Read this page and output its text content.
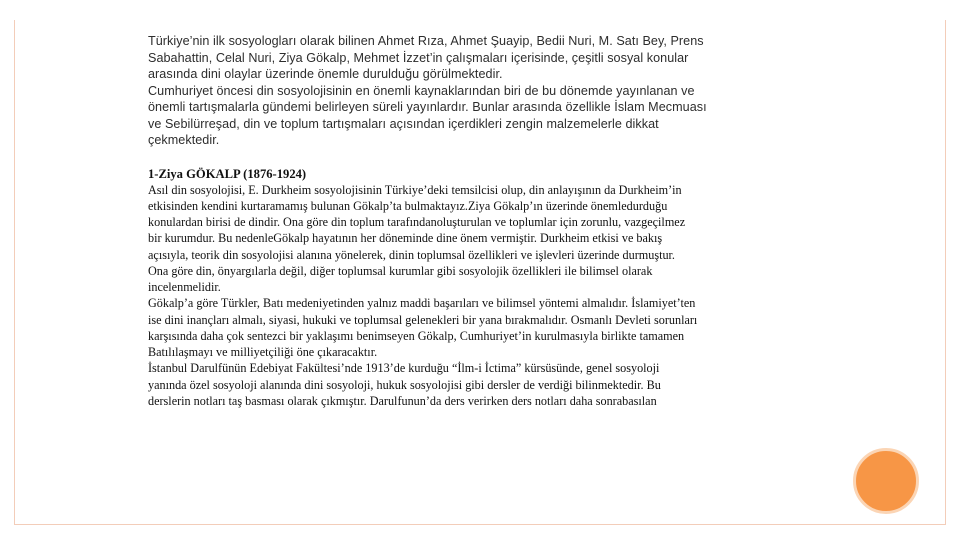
Türkiye’nin ilk sosyologları olarak bilinen Ahmet Rıza, Ahmet Şuayip, Bedii Nuri, M. Satı Bey, Prens
Sabahattin, Celal Nuri, Ziya Gökalp, Mehmet İzzet’in çalışmaları içerisinde, çeşitli sosyal konular
arasında dini olaylar üzerinde önemle durulduğu görülmektedir.
Cumhuriyet öncesi din sosyolojisinin en önemli kaynaklarından biri de bu dönemde yayınlanan ve
önemli tartışmalarla gündemi belirleyen süreli yayınlardır. Bunlar arasında özellikle İslam Mecmuası
ve Sebilürreşad, din ve toplum tartışmaları açısından içerdikleri zengin malzemelerle dikkat
çekmektedir.

1-Ziya GÖKALP (1876-1924)

Asıl din sosyolojisi, E. Durkheim sosyolojisinin Türkiye’deki temsilcisi olup, din anlayışının da Durkheim’in
etkisinden kendini kurtaramamış bulunan Gökalp’ta bulmaktayız.Ziya Gökalp’ın üzerinde önemledurduğu
konulardan birisi de dindir. Ona göre din toplum tarafındanoluşturulan ve toplumlar için zorunlu, vazgeçilmez
bir kurumdur. Bu nedenleGökalp hayatının her döneminde dine önem vermiştir. Durkheim etkisi ve bakış
açısıyla, teorik din sosyolojisi alanına yönelerek, dinin toplumsal özellikleri ve işlevleri üzerinde durmuştur.
Ona göre din, önyargılarla değil, diğer toplumsal kurumlar gibi sosyolojik özellikleri ile bilimsel olarak
incelenmelidir.
Gökalp’a göre Türkler, Batı medeniyetinden yalnız maddi başarıları ve bilimsel yöntemi almalıdır. İslamiyet’ten
ise dini inançları almalı, siyasi, hukuki ve toplumsal gelenekleri bir yana bırakmalıdır. Osmanlı Devleti sorunları
karşısında daha çok sentezci bir yaklaşımı benimseyen Gökalp, Cumhuriyet’in kurulmasıyla birlikte tamamen
Batılılaşmayı ve milliyetçiliği öne çıkaracaktır.
İstanbul Darulfünün Edebiyat Fakültesi’nde 1913’de kurduğu “İlm-i İctima” kürsüsünde, genel sosyoloji
yanında özel sosyoloji alanında dini sosyoloji, hukuk sosyolojisi gibi dersler de verdiği bilinmektedir. Bu
derslerin notları taş basması olarak çıkmıştır. Darulfunun’da ders verirken ders notları daha sonrabasılan
